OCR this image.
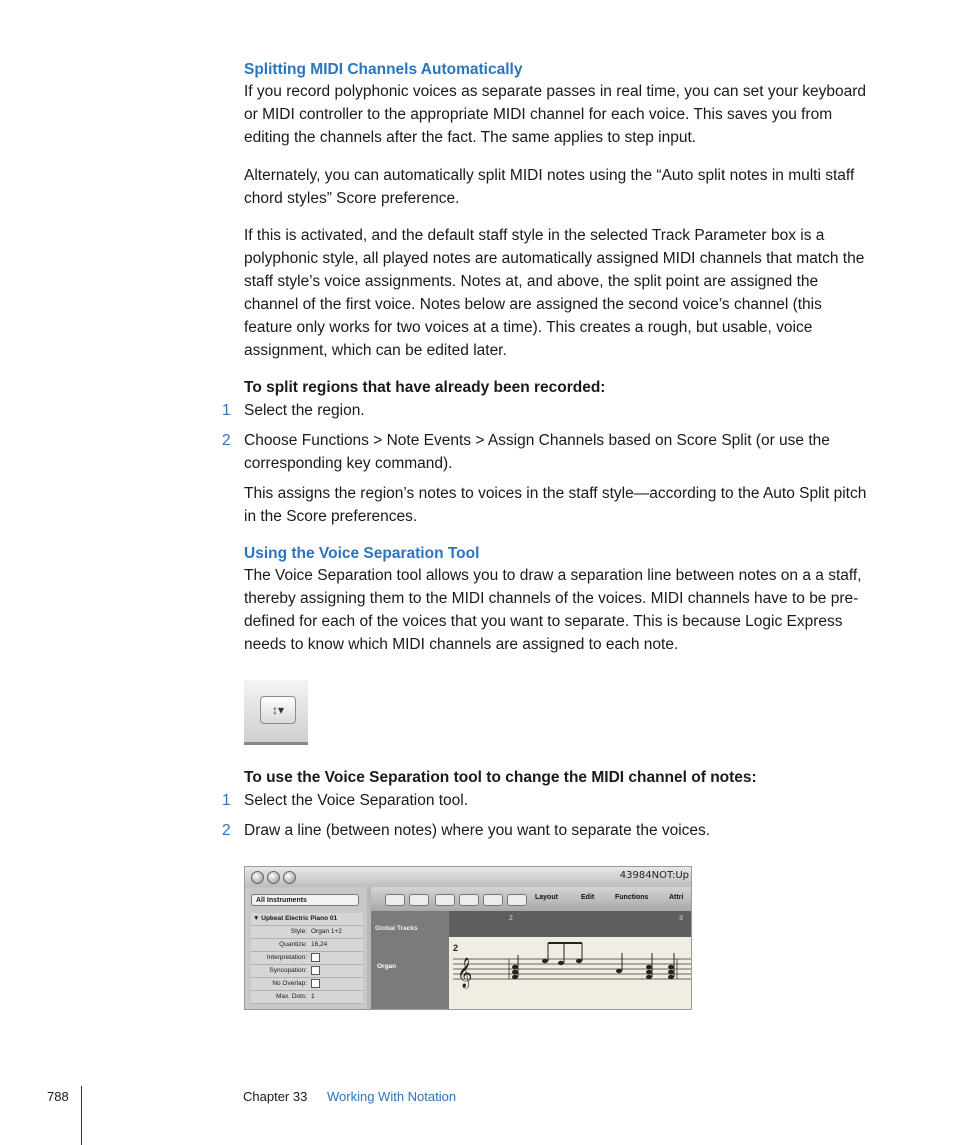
Splitting MIDI Channels Automatically

If you record polyphonic voices as separate passes in real time, you can set your keyboard or MIDI controller to the appropriate MIDI channel for each voice. This saves you from editing the channels after the fact. The same applies to step input.

Alternately, you can automatically split MIDI notes using the “Auto split notes in multi staff chord styles” Score preference.

If this is activated, and the default staff style in the selected Track Parameter box is a polyphonic style, all played notes are automatically assigned MIDI channels that match the staff style’s voice assignments. Notes at, and above, the split point are assigned the channel of the first voice. Notes below are assigned the second voice’s channel (this feature only works for two voices at a time). This creates a rough, but usable, voice assignment, which can be edited later.

To split regions that have already been recorded:

1 Select the region.
2 Choose Functions > Note Events > Assign Channels based on Score Split (or use the corresponding key command).

This assigns the region’s notes to voices in the staff style—according to the Auto Split pitch in the Score preferences.

Using the Voice Separation Tool

The Voice Separation tool allows you to draw a separation line between notes on a a staff, thereby assigning them to the MIDI channels of the voices. MIDI channels have to be pre-defined for each of the voices that you want to separate. This is because Logic Express needs to know which MIDI channels are assigned to each note.

↕▾

To use the Voice Separation tool to change the MIDI channel of notes:

1 Select the Voice Separation tool.
2 Draw a line (between notes) where you want to separate the voices.
43984NOT:Up
All Instruments
▼ Upbeat Electric Piano 01
Style: Organ 1+2
Quantize: 16,24
Interpretation:
Syncopation:
No Overlap:
Max. Dots: 1
Global Tracks
Organ
Layout	Edit	Functions	Attri
2	3
𝄞
2
788	Chapter 33 Working With Notation
